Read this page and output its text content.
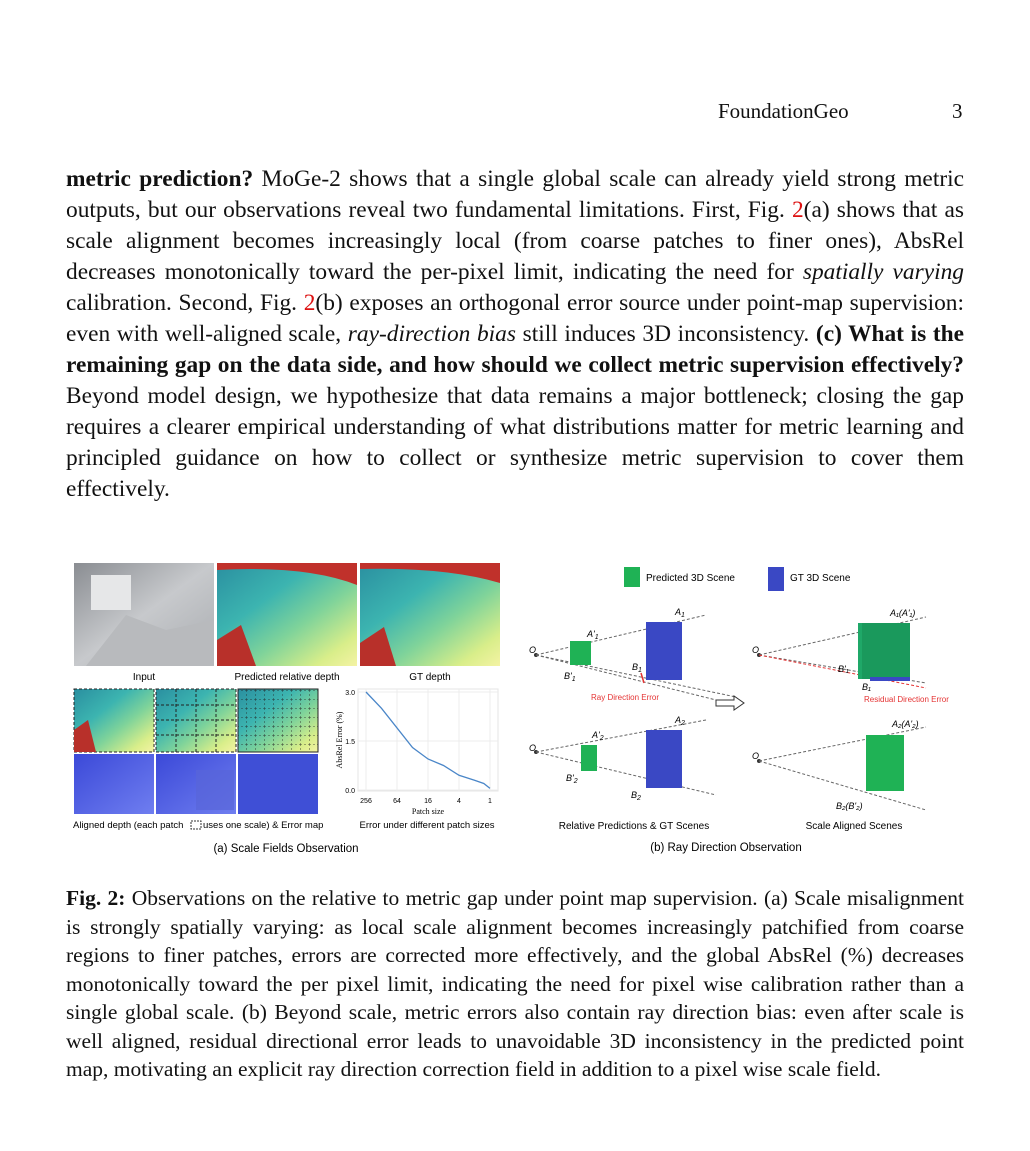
FoundationGeo	3
metric prediction? MoGe-2 shows that a single global scale can already yield strong metric outputs, but our observations reveal two fundamental limitations. First, Fig. 2(a) shows that as scale alignment becomes increasingly local (from coarse patches to finer ones), AbsRel decreases monotonically toward the per-pixel limit, indicating the need for spatially varying calibration. Second, Fig. 2(b) exposes an orthogonal error source under point-map supervision: even with well-aligned scale, ray-direction bias still induces 3D inconsistency. (c) What is the remaining gap on the data side, and how should we collect metric supervision effectively? Beyond model design, we hypothesize that data remains a major bottleneck; closing the gap requires a clearer empirical understanding of what distributions matter for metric learning and principled guidance on how to collect or synthesize metric supervision to cover them effectively.
Input	Predicted relative depth	GT depth
Aligned depth (each patch uses one scale) & Error map	Error under different patch sizes
(a) Scale Fields Observation
3.0
1.5
0.0
256	64	16	4	1
AbsRel Error (%)
Patch size
Predicted 3D Scene	GT 3D Scene
O
$A'_1$
$B'_1$
$A_1$
$B_1$
Ray Direction Error
O
$A'_2$
$B'_2$
$A_2$
$B_2$
O
A₁(A'₁)
B'₁
B₁
Residual Direction Error
O
A₂(A'₂)
B₂(B'₂)
Relative Predictions & GT Scenes	Scale Aligned Scenes
(b) Ray Direction Observation
Fig. 2: Observations on the relative to metric gap under point map supervision. (a) Scale misalignment is strongly spatially varying: as local scale alignment becomes increasingly patchified from coarse regions to finer patches, errors are corrected more effectively, and the global AbsRel (%) decreases monotonically toward the per pixel limit, indicating the need for pixel wise calibration rather than a single global scale. (b) Beyond scale, metric errors also contain ray direction bias: even after scale is well aligned, residual directional error leads to unavoidable 3D inconsistency in the predicted point map, motivating an explicit ray direction correction field in addition to a pixel wise scale field.
